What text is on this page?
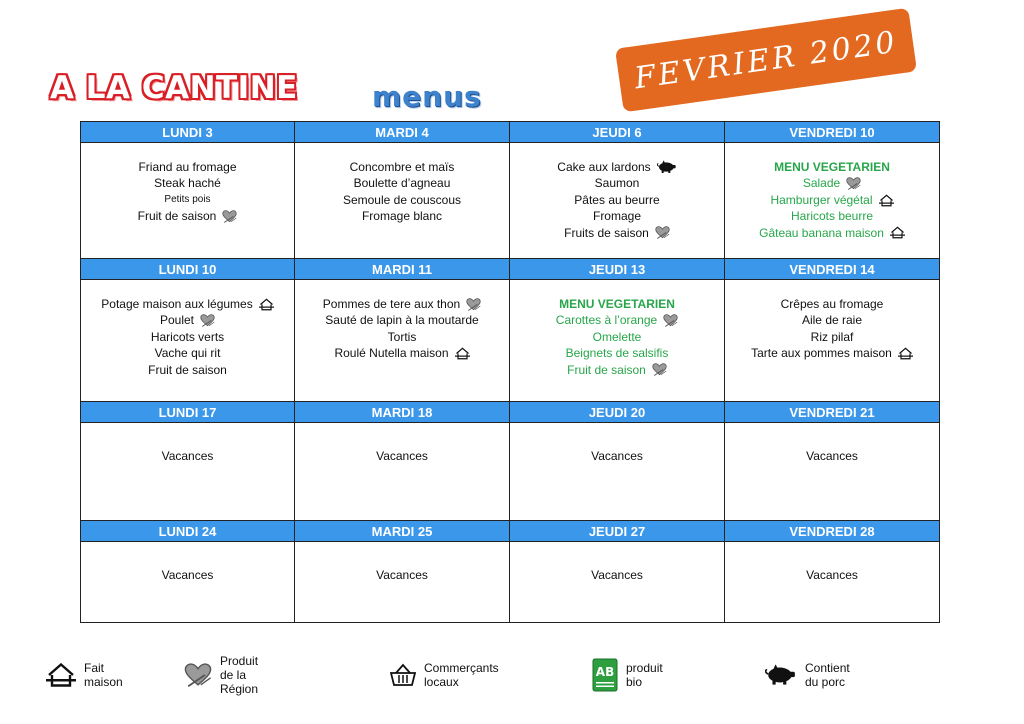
A LA CANTINE	menus
FEVRIER 2020
LUNDI 3
Friand au fromage
Steak haché
Petits pois
Fruit de saison
MARDI 4
Concombre et maïs
Boulette d’agneau
Semoule de couscous
Fromage blanc
JEUDI 6
Cake aux lardons
Saumon
Pâtes au beurre
Fromage
Fruits de saison
VENDREDI 10
MENU VEGETARIEN
Salade
Hamburger végétal
Haricots beurre
Gâteau banana maison
LUNDI 10
Potage maison aux légumes
Poulet
Haricots verts
Vache qui rit
Fruit de saison
MARDI 11
Pommes de tere aux thon
Sauté de lapin à la moutarde
Tortis
Roulé Nutella maison
JEUDI 13
MENU VEGETARIEN
Carottes à l’orange
Omelette
Beignets de salsifis
Fruit de saison
VENDREDI 14
Crêpes au fromage
Aile de raie
Riz pilaf
Tarte aux pommes maison
LUNDI 17
Vacances
MARDI 18
Vacances
JEUDI 20
Vacances
VENDREDI 21
Vacances
LUNDI 24
Vacances
MARDI 25
Vacances
JEUDI 27
Vacances
VENDREDI 28
Vacances
Fait maison
Produit de la Région
Commerçants locaux
AB produit bio
Contient du porc
